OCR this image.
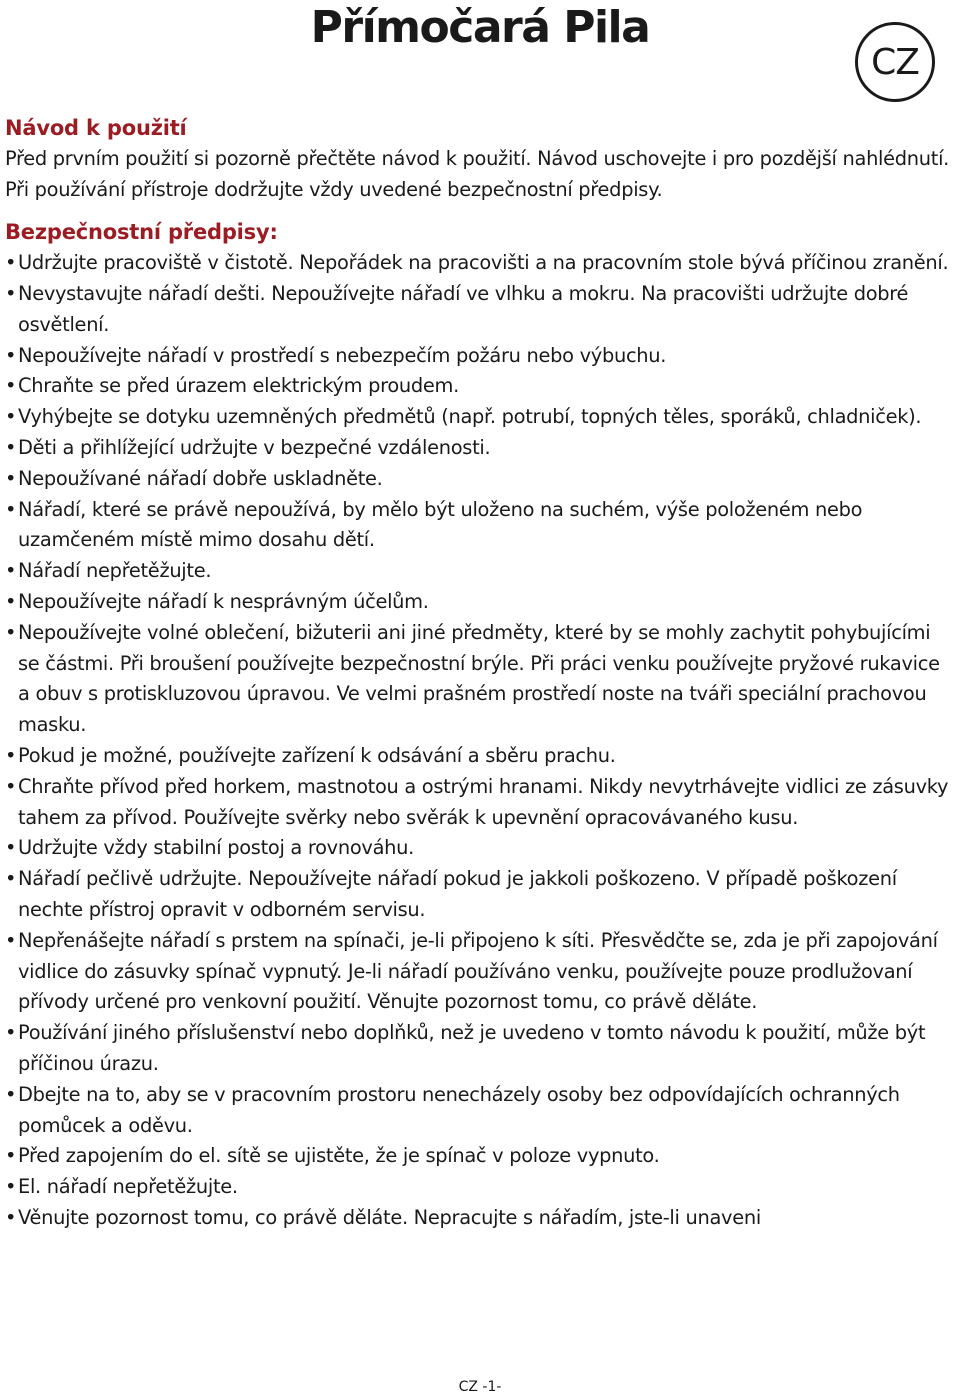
Přímočará Pila
CZ
Návod k použití

Před prvním použití si pozorně přečtěte návod k použití. Návod uschovejte i pro pozdější nahlédnutí. Při používání přístroje dodržujte vždy uvedené bezpečnostní předpisy.

Bezpečnostní předpisy:
• Udržujte pracoviště v čistotě. Nepořádek na pracovišti a na pracovním stole bývá příčinou zranění.
• Nevystavujte nářadí dešti. Nepoužívejte nářadí ve vlhku a mokru. Na pracovišti udržujte dobré osvětlení.
• Nepoužívejte nářadí v prostředí s nebezpečím požáru nebo výbuchu.
• Chraňte se před úrazem elektrickým proudem.
• Vyhýbejte se dotyku uzemněných předmětů (např. potrubí, topných těles, sporáků, chladniček).
• Děti a přihlížející udržujte v bezpečné vzdálenosti.
• Nepoužívané nářadí dobře uskladněte.
• Nářadí, které se právě nepoužívá, by mělo být uloženo na suchém, výše položeném nebo uzamčeném místě mimo dosahu dětí.
• Nářadí nepřetěžujte.
• Nepoužívejte nářadí k nesprávným účelům.
• Nepoužívejte volné oblečení, bižuterii ani jiné předměty, které by se mohly zachytit pohybujícími se částmi. Při broušení používejte bezpečnostní brýle. Při práci venku používejte pryžové rukavice a obuv s protiskluzovou úpravou. Ve velmi prašném prostředí noste na tváři speciální prachovou masku.
• Pokud je možné, používejte zařízení k odsávání a sběru prachu.
• Chraňte přívod před horkem, mastnotou a ostrými hranami. Nikdy nevytrhávejte vidlici ze zásuvky tahem za přívod. Používejte svěrky nebo svěrák k upevnění opracovávaného kusu.
• Udržujte vždy stabilní postoj a rovnováhu.
• Nářadí pečlivě udržujte. Nepoužívejte nářadí pokud je jakkoli poškozeno. V případě poškození nechte přístroj opravit v odborném servisu.
• Nepřenášejte nářadí s prstem na spínači, je-li připojeno k síti. Přesvědčte se, zda je při zapojování vidlice do zásuvky spínač vypnutý. Je-li nářadí používáno venku, používejte pouze prodlužovaní přívody určené pro venkovní použití. Věnujte pozornost tomu, co právě děláte.
• Používání jiného příslušenství nebo doplňků, než je uvedeno v tomto návodu k použití, může být příčinou úrazu.
• Dbejte na to, aby se v pracovním prostoru nenecházely osoby bez odpovídajících ochranných pomůcek a oděvu.
• Před zapojením do el. sítě se ujistěte, že je spínač v poloze vypnuto.
• El. nářadí nepřetěžujte.
• Věnujte pozornost tomu, co právě děláte. Nepracujte s nářadím, jste-li unaveni
CZ -1-
